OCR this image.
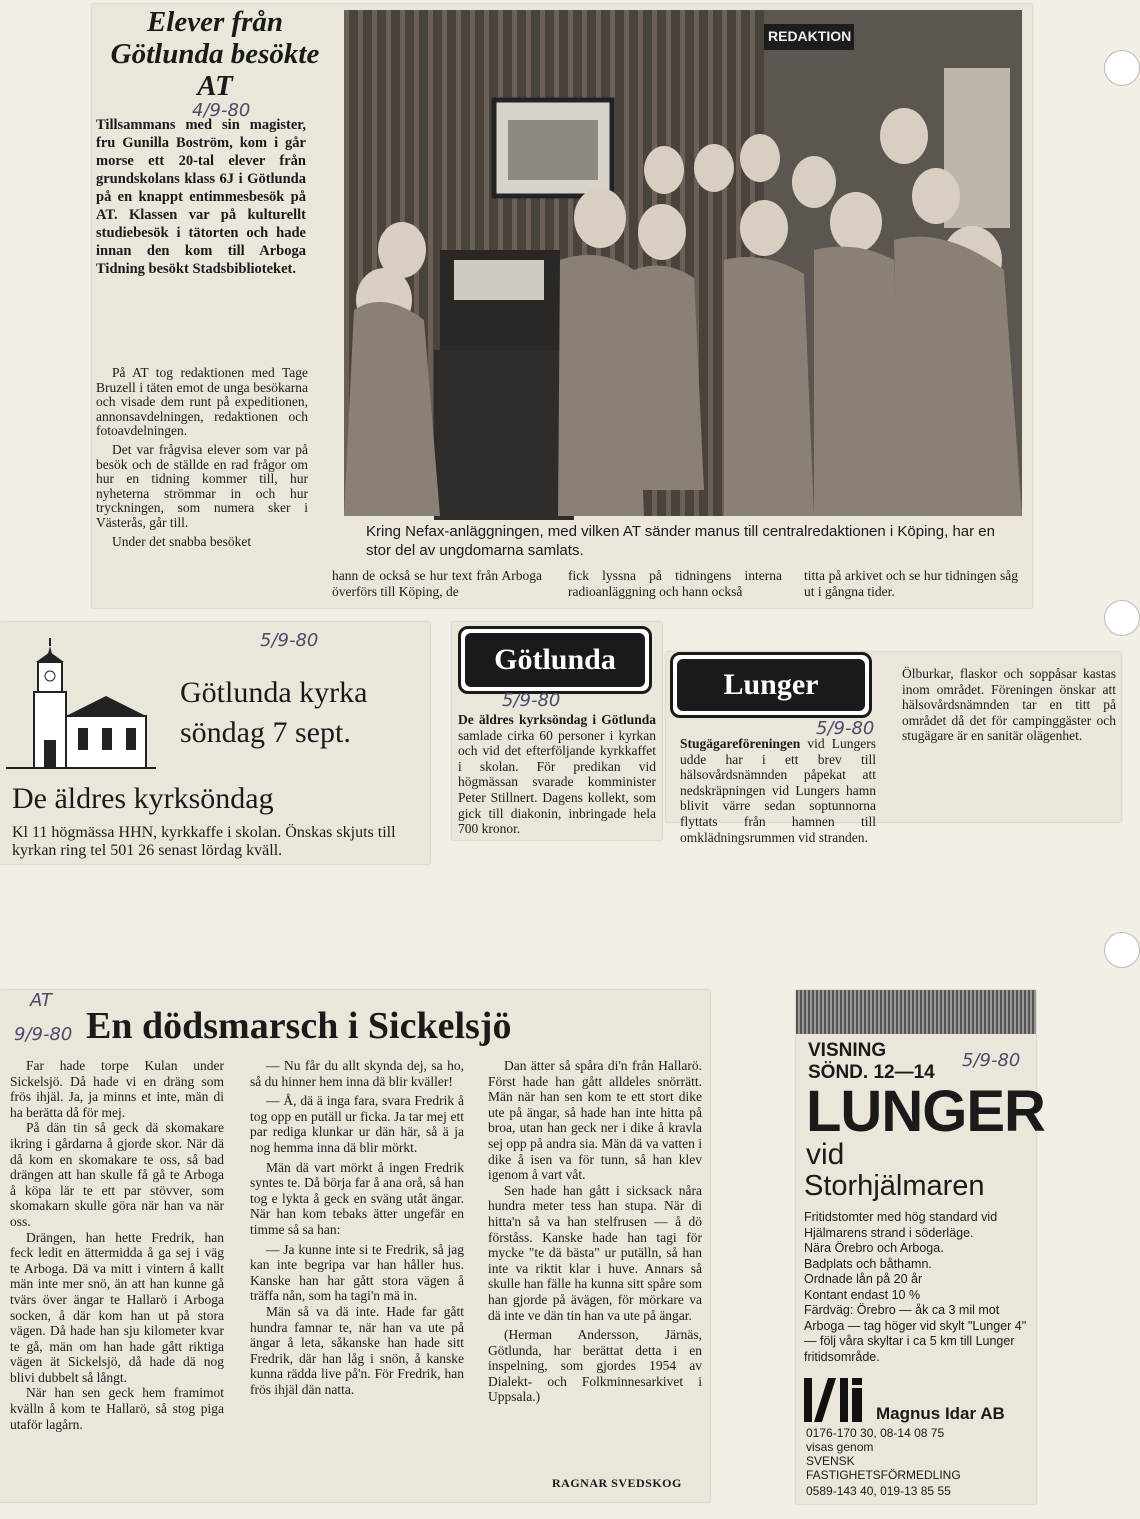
Elever från Götlunda besökte AT
4/9-80
Tillsammans med sin magister, fru Gunilla Boström, kom i går morse ett 20-tal elever från grundskolans klass 6J i Götlunda på en knappt entimmesbesök på AT. Klassen var på kulturellt studiebesök i tätorten och hade innan den kom till Arboga Tidning besökt Stadsbiblioteket.

På AT tog redaktionen med Tage Bruzell i täten emot de unga besökarna och visade dem runt på expeditionen, annonsavdelningen, redaktionen och fotoavdelningen.

Det var frågvisa elever som var på besök och de ställde en rad frågor om hur en tidning kommer till, hur nyheterna strömmar in och hur tryckningen, som numera sker i Västerås, går till.

Under det snabba besöket

REDAKTION
Kring Nefax-anläggningen, med vilken AT sänder manus till centralredaktionen i Köping, har en stor del av ungdomarna samlats.
hann de också se hur text från Arboga överförs till Köping, de
fick lyssna på tidningens interna radioanläggning och hann också
titta på arkivet och se hur tidningen såg ut i gångna tider.
5/9-80
Götlunda kyrka
söndag 7 sept.
De äldres kyrksöndag
Kl 11 högmässa HHN, kyrkkaffe i skolan. Önskas skjuts till kyrkan ring tel 501 26 senast lördag kväll.
Götlunda
5/9-80
De äldres kyrksöndag i Götlunda samlade cirka 60 personer i kyrkan och vid det efterföljande kyrkkaffet i skolan. För predikan vid högmässan svarade komminister Peter Stillnert. Dagens kollekt, som gick till diakonin, inbringade hela 700 kronor.
Lunger
5/9-80
Stugägareföreningen vid Lungers udde har i ett brev till hälsovårdsnämnden påpekat att nedskräpningen vid Lungers hamn blivit värre sedan soptunnorna flyttats från hamnen till omklädningsrummen vid stranden.
Ölburkar, flaskor och soppåsar kastas inom området. Föreningen önskar att hälsovårdsnämnden tar en titt på området då det för campinggäster och stugägare är en sanitär olägenhet.
AT
9/9-80 En dödsmarsch i Sickelsjö

Far hade torpe Kulan under Sickelsjö. Då hade vi en dräng som frös ihjäl. Ja, ja minns et inte, män di ha berätta då för mej.

På dän tin så geck dä skomakare ikring i gårdarna å gjorde skor. När dä då kom en skomakare te oss, så bad drängen att han skulle få gå te Arboga å köpa lär te ett par stövver, som skomakarn skulle göra när han va när oss.

Drängen, han hette Fredrik, han feck ledit en ättermidda å ga sej i väg te Arboga. Dä va mitt i vintern å kallt män inte mer snö, än att han kunne gå tvärs över ängar te Hallarö i Arboga socken, å där kom han ut på stora vägen. Då hade han sju kilometer kvar te gå, män om han hade gått riktiga vägen ät Sickelsjö, då hade dä nog blivi dubbelt så långt.

När han sen geck hem framimot kvälln å kom te Hallarö, så stog piga utaför lagårn.

— Nu får du allt skynda dej, sa ho, så du hinner hem inna dä blir kväller!

— Å, dä ä inga fara, svara Fredrik å tog opp en putäll ur ficka. Ja tar mej ett par rediga klunkar ur dän här, så ä ja nog hemma inna dä blir mörkt.

Män dä vart mörkt å ingen Fredrik syntes te. Då börja far å ana orå, så han tog e lykta å geck en sväng utåt ängar. När han kom tebaks ätter ungefär en timme så sa han:

— Ja kunne inte si te Fredrik, så jag kan inte begripa var han håller hus. Kanske han har gått stora vägen å träffa nån, som ha tagi'n mä in.

Män så va dä inte. Hade far gått hundra famnar te, när han va ute på ängar å leta, såkanske han hade sitt Fredrik, där han låg i snön, å kanske kunna rädda live på'n. För Fredrik, han frös ihjäl dän natta.

Dan ätter så spåra di'n från Hallarö. Först hade han gått alldeles snörrätt. Män när han sen kom te ett stort dike ute på ängar, så hade han inte hitta på broa, utan han geck ner i dike å kravla sej opp på andra sia. Män dä va vatten i dike å isen va för tunn, så han klev igenom å vart våt.

Sen hade han gått i sicksack nåra hundra meter tess han stupa. När di hitta'n så va han stelfrusen — å dö förståss. Kanske hade han tagi för mycke "te dä bästa" ur putälln, så han inte va riktit klar i huve. Annars så skulle han fälle ha kunna sitt spåre som han gjorde på ävägen, för mörkare va dä inte ve dän tin han va ute på ängar.

(Herman Andersson, Järnäs, Götlunda, har berättat detta i en inspelning, som gjordes 1954 av Dialekt- och Folkminnesarkivet i Uppsala.)

RAGNAR SVEDSKOG
5/9-80
VISNING
SÖND. 12—14
LUNGER
vid
Storhjälmaren
Fritidstomter med hög standard vid Hjälmarens strand i söderläge.
Nära Örebro och Arboga.
Badplats och båthamn.
Ordnade lån på 20 år
Kontant endast 10 %
Färdväg: Örebro — åk ca 3 mil mot Arboga — tag höger vid skylt "Lunger 4" — följ våra skyltar i ca 5 km till Lunger fritidsområde.
Magnus Idar AB
0176-170 30, 08-14 08 75
visas genom
SVENSK
FASTIGHETSFÖRMEDLING
0589-143 40, 019-13 85 55
